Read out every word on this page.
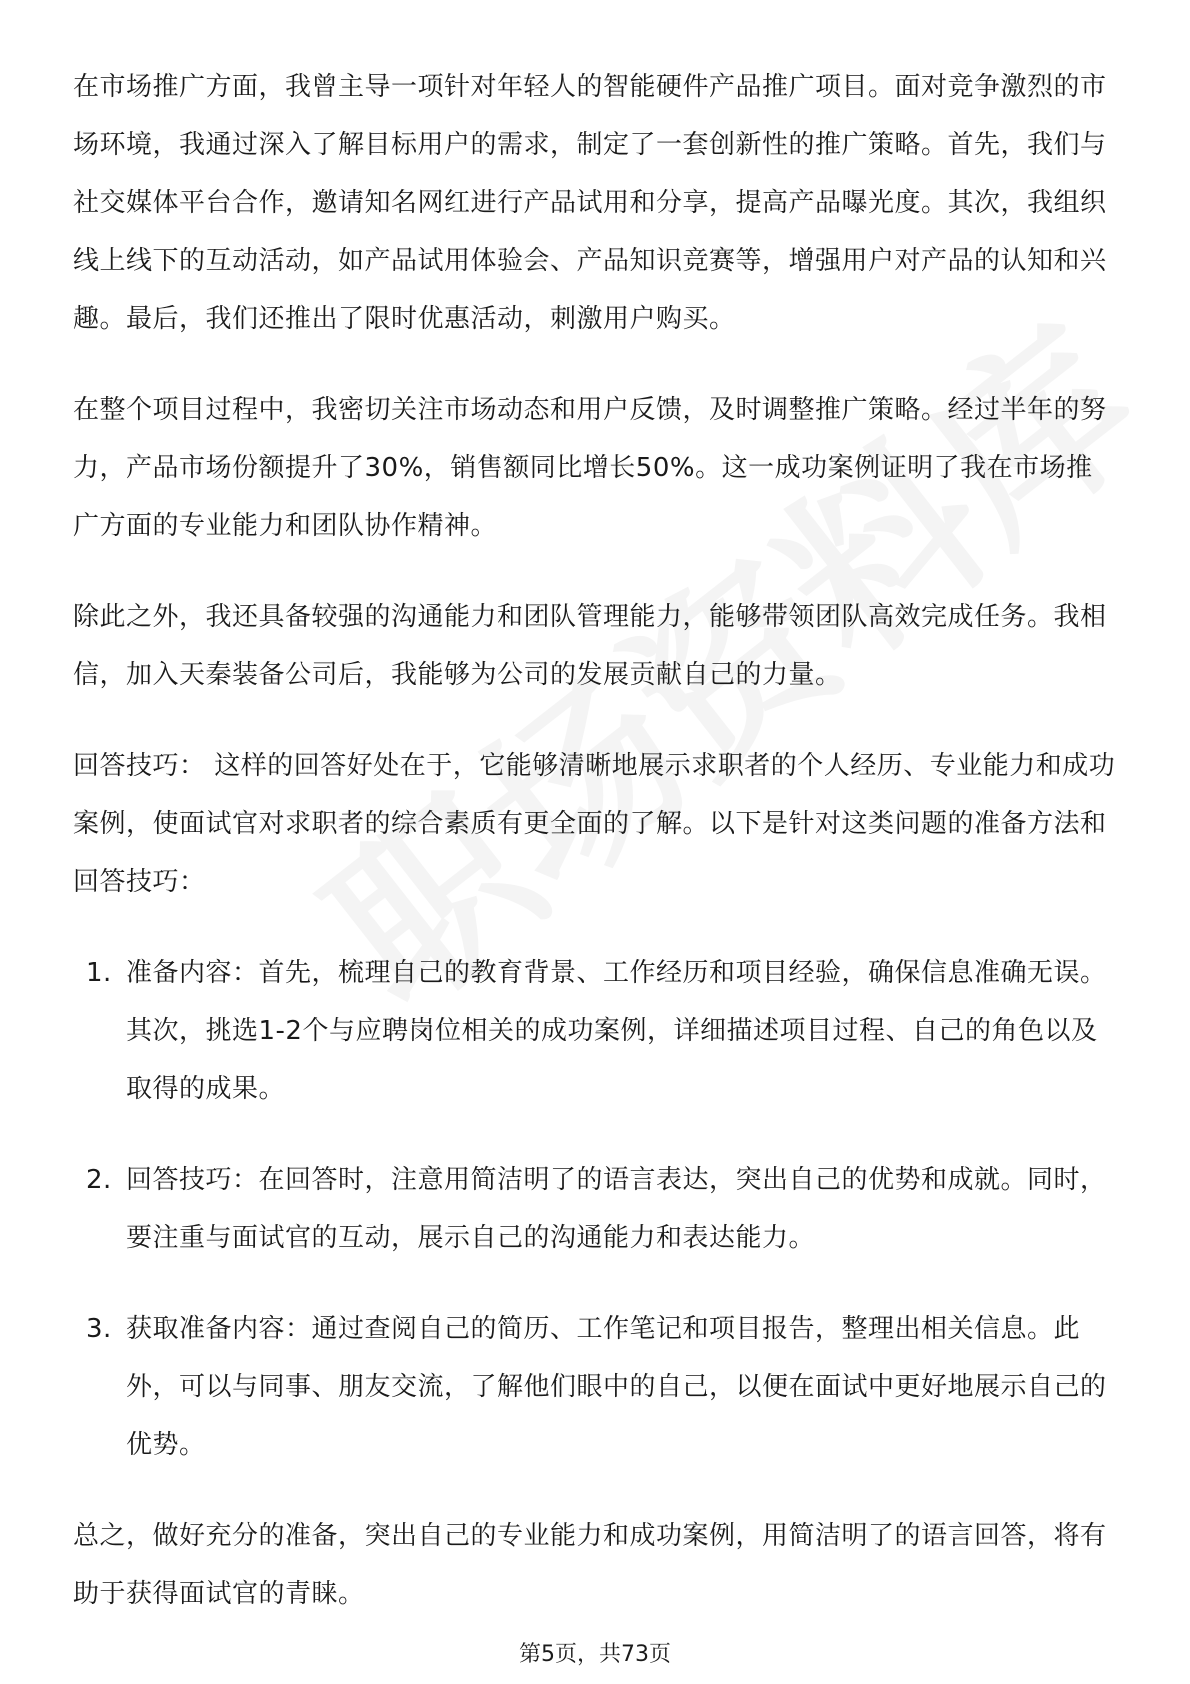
在市场推广方面，我曾主导一项针对年轻人的智能硬件产品推广项目。面对竞争激烈的市场环境，我通过深入了解目标用户的需求，制定了一套创新性的推广策略。首先，我们与社交媒体平台合作，邀请知名网红进行产品试用和分享，提高产品曝光度。其次，我组织线上线下的互动活动，如产品试用体验会、产品知识竞赛等，增强用户对产品的认知和兴趣。最后，我们还推出了限时优惠活动，刺激用户购买。

在整个项目过程中，我密切关注市场动态和用户反馈，及时调整推广策略。经过半年的努力，产品市场份额提升了30%，销售额同比增长50%。这一成功案例证明了我在市场推广方面的专业能力和团队协作精神。

除此之外，我还具备较强的沟通能力和团队管理能力，能够带领团队高效完成任务。我相信，加入天秦装备公司后，我能够为公司的发展贡献自己的力量。

回答技巧： 这样的回答好处在于，它能够清晰地展示求职者的个人经历、专业能力和成功案例，使面试官对求职者的综合素质有更全面的了解。以下是针对这类问题的准备方法和回答技巧：

1. 准备内容：首先，梳理自己的教育背景、工作经历和项目经验，确保信息准确无误。其次，挑选1-2个与应聘岗位相关的成功案例，详细描述项目过程、自己的角色以及取得的成果。
2. 回答技巧：在回答时，注意用简洁明了的语言表达，突出自己的优势和成就。同时，要注重与面试官的互动，展示自己的沟通能力和表达能力。
3. 获取准备内容：通过查阅自己的简历、工作笔记和项目报告，整理出相关信息。此外，可以与同事、朋友交流，了解他们眼中的自己，以便在面试中更好地展示自己的优势。

总之，做好充分的准备，突出自己的专业能力和成功案例，用简洁明了的语言回答，将有助于获得面试官的青睐。

第5页，共73页
